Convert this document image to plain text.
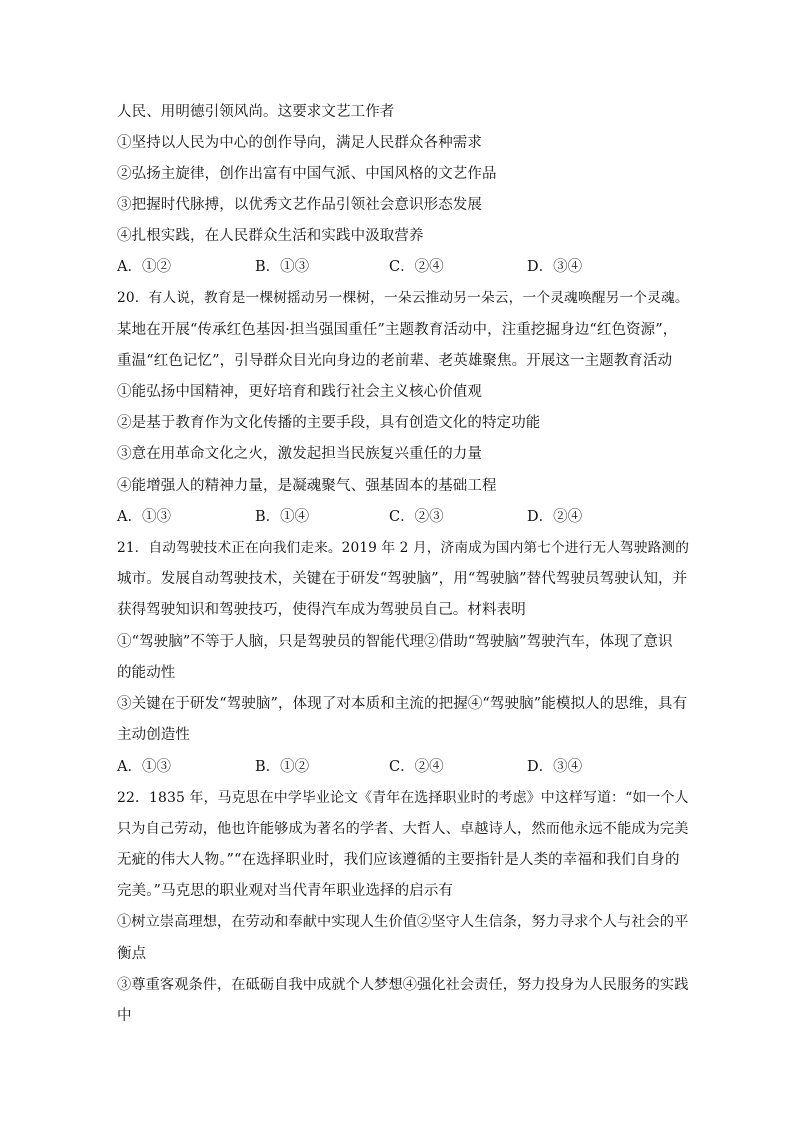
人民、用明德引领风尚。这要求文艺工作者
①坚持以人民为中心的创作导向，满足人民群众各种需求
②弘扬主旋律，创作出富有中国气派、中国风格的文艺作品
③把握时代脉搏，以优秀文艺作品引领社会意识形态发展
④扎根实践，在人民群众生活和实践中汲取营养
A．①②	B．①③	C．②④	D．③④
20．有人说，教育是一棵树摇动另一棵树，一朵云推动另一朵云，一个灵魂唤醒另一个灵魂。
某地在开展“传承红色基因·担当强国重任”主题教育活动中，注重挖掘身边“红色资源”，
重温“红色记忆”，引导群众目光向身边的老前辈、老英雄聚焦。开展这一主题教育活动
①能弘扬中国精神，更好培育和践行社会主义核心价值观
②是基于教育作为文化传播的主要手段，具有创造文化的特定功能
③意在用革命文化之火，激发起担当民族复兴重任的力量
④能增强人的精神力量，是凝魂聚气、强基固本的基础工程
A．①③	B．①④	C．②③	D．②④
21．自动驾驶技术正在向我们走来。2019 年 2 月，济南成为国内第七个进行无人驾驶路测的
城市。发展自动驾驶技术，关键在于研发“驾驶脑”，用“驾驶脑”替代驾驶员驾驶认知，并
获得驾驶知识和驾驶技巧，使得汽车成为驾驶员自己。材料表明
①“驾驶脑”不等于人脑，只是驾驶员的智能代理②借助“驾驶脑”驾驶汽车，体现了意识
的能动性
③关键在于研发“驾驶脑”，体现了对本质和主流的把握④“驾驶脑”能模拟人的思维，具有
主动创造性
A．①③	B．①②	C．②④	D．③④
22．1835 年，马克思在中学毕业论文《青年在选择职业时的考虑》中这样写道：“如一个人
只为自己劳动，他也许能够成为著名的学者、大哲人、卓越诗人，然而他永远不能成为完美
无疵的伟大人物。”“在选择职业时，我们应该遵循的主要指针是人类的幸福和我们自身的
完美。”马克思的职业观对当代青年职业选择的启示有
①树立崇高理想，在劳动和奉献中实现人生价值②坚守人生信条，努力寻求个人与社会的平
衡点
③尊重客观条件，在砥砺自我中成就个人梦想④强化社会责任，努力投身为人民服务的实践
中
